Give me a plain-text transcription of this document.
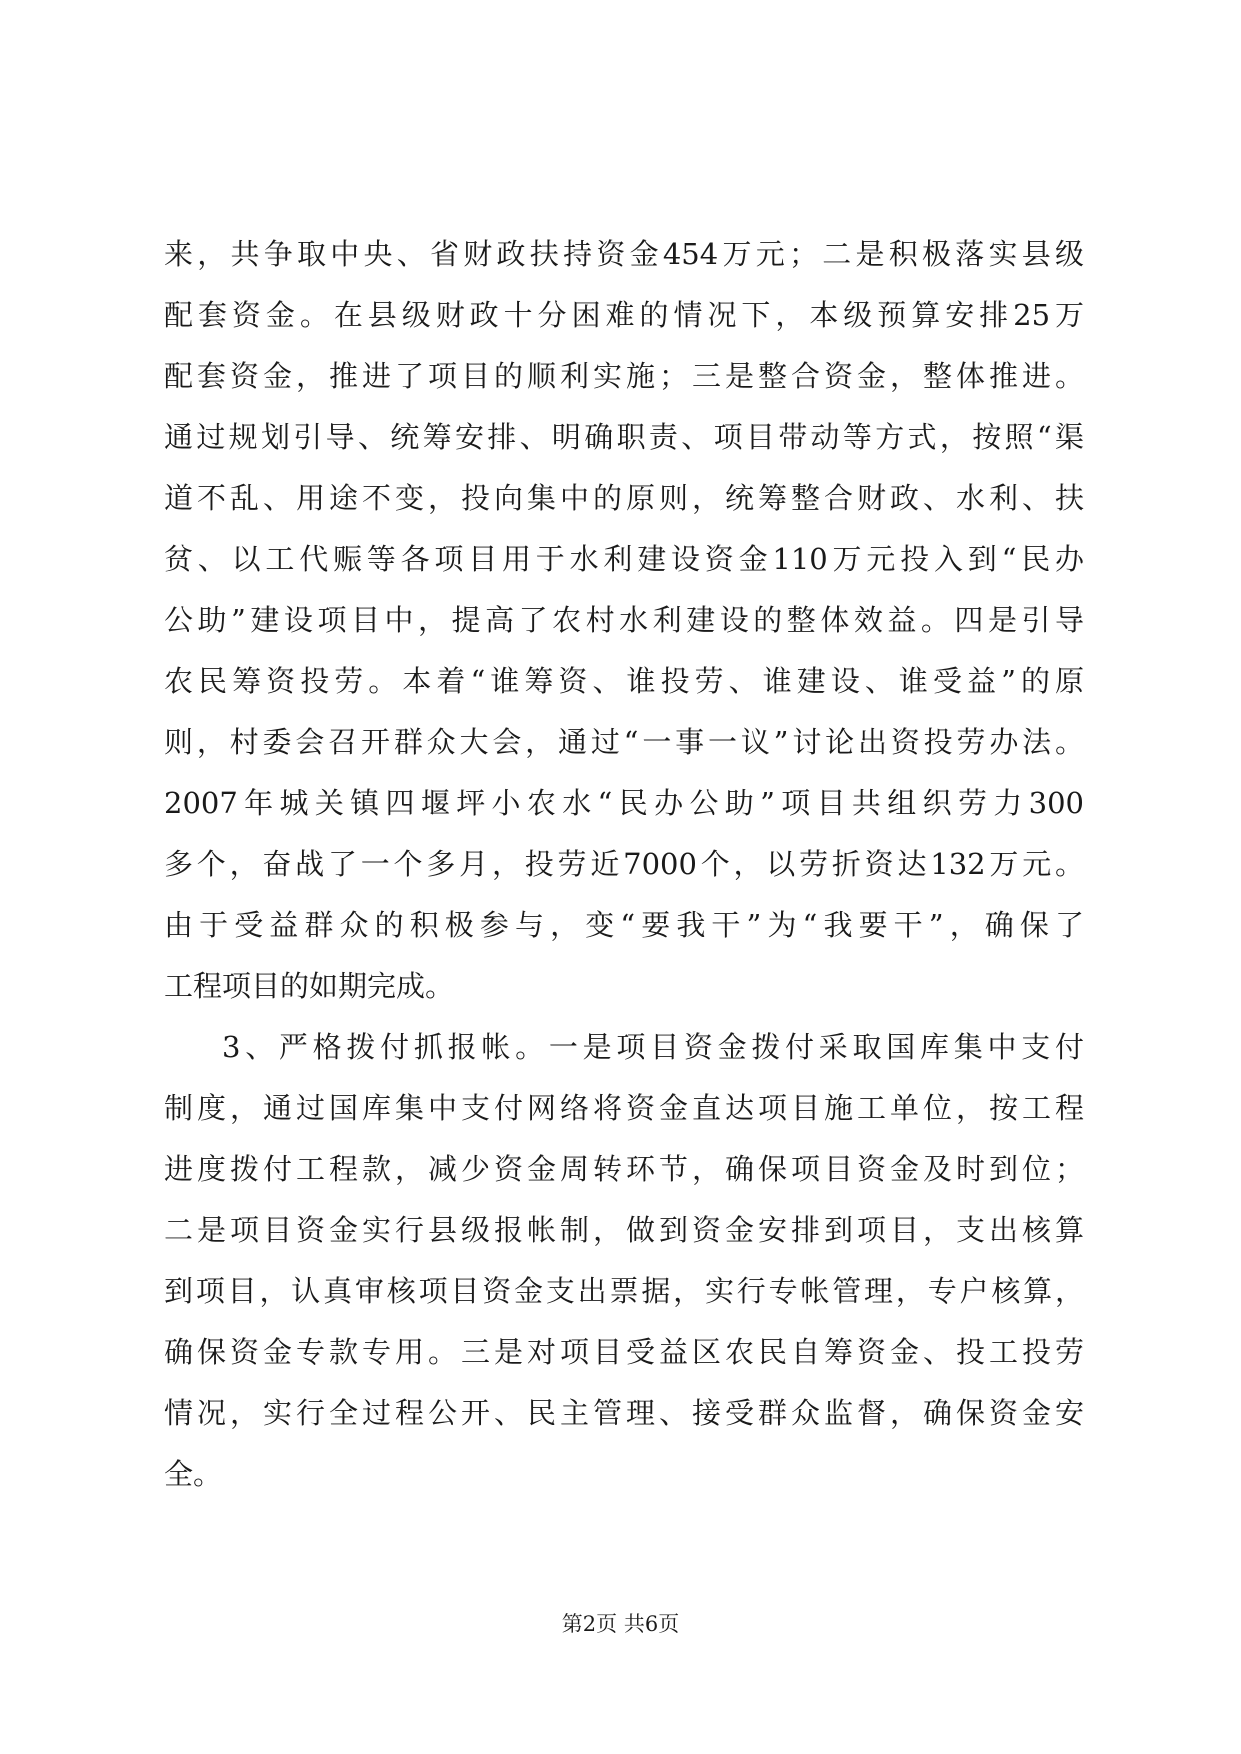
来，共争取中央、省财政扶持资金454万元；二是积极落实县级
配套资金。在县级财政十分困难的情况下，本级预算安排25万
配套资金，推进了项目的顺利实施；三是整合资金，整体推进。
通过规划引导、统筹安排、明确职责、项目带动等方式，按照“渠
道不乱、用途不变，投向集中的原则，统筹整合财政、水利、扶
贫、以工代赈等各项目用于水利建设资金110万元投入到“民办
公助”建设项目中，提高了农村水利建设的整体效益。四是引导
农民筹资投劳。本着“谁筹资、谁投劳、谁建设、谁受益”的原
则，村委会召开群众大会，通过“一事一议”讨论出资投劳办法。
2007年城关镇四堰坪小农水“民办公助”项目共组织劳力300
多个，奋战了一个多月，投劳近7000个，以劳折资达132万元。
由于受益群众的积极参与，变“要我干”为“我要干”，确保了
工程项目的如期完成。
3、严格拨付抓报帐。一是项目资金拨付采取国库集中支付
制度，通过国库集中支付网络将资金直达项目施工单位，按工程
进度拨付工程款，减少资金周转环节，确保项目资金及时到位；
二是项目资金实行县级报帐制，做到资金安排到项目，支出核算
到项目，认真审核项目资金支出票据，实行专帐管理，专户核算，
确保资金专款专用。三是对项目受益区农民自筹资金、投工投劳
情况，实行全过程公开、民主管理、接受群众监督，确保资金安
全。
第2页 共6页
